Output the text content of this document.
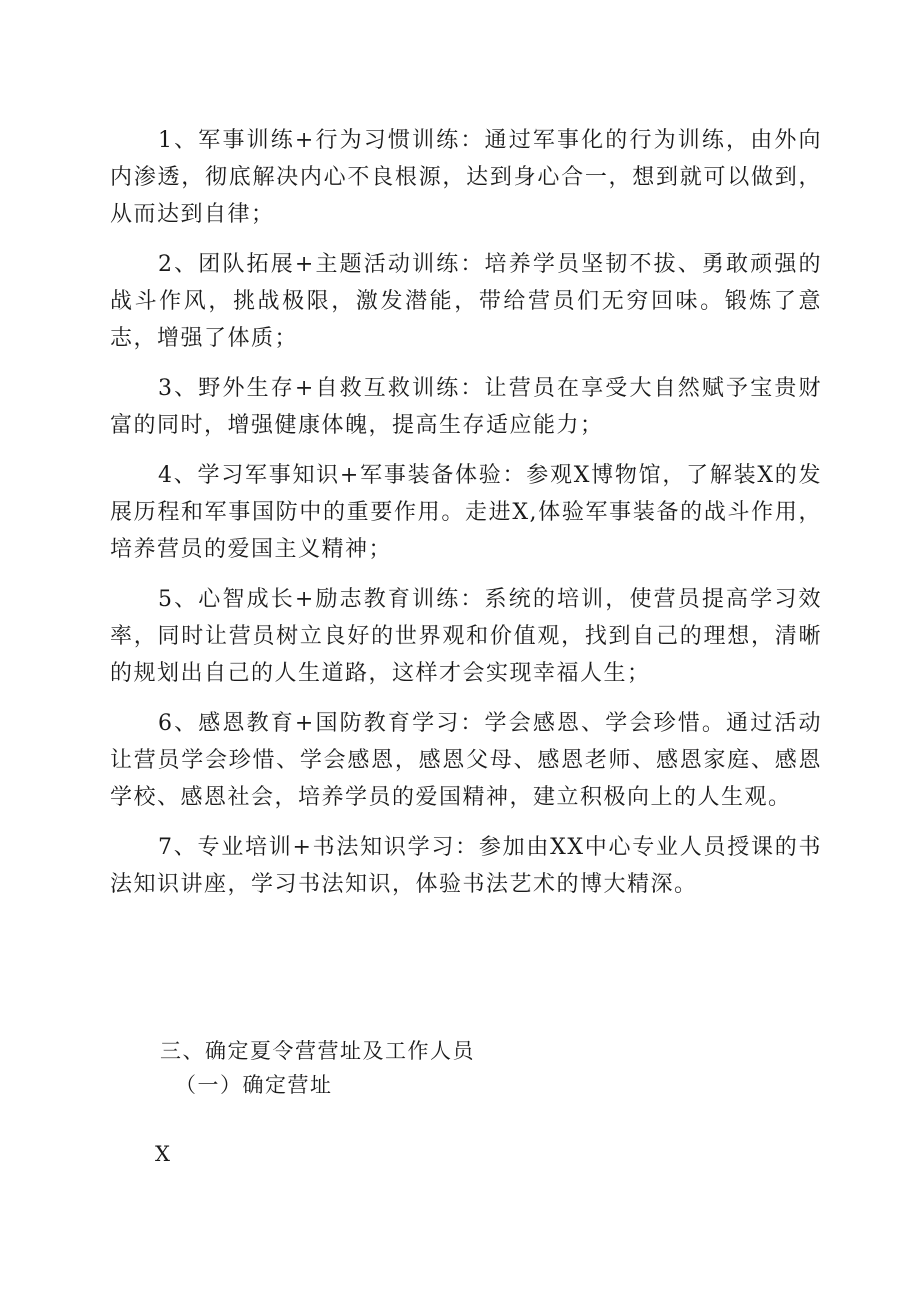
1、军事训练+行为习惯训练：通过军事化的行为训练，由外向内渗透，彻底解决内心不良根源，达到身心合一，想到就可以做到，从而达到自律；

2、团队拓展+主题活动训练：培养学员坚韧不拔、勇敢顽强的战斗作风，挑战极限，激发潜能，带给营员们无穷回味。锻炼了意志，增强了体质；

3、野外生存+自救互救训练：让营员在享受大自然赋予宝贵财富的同时，增强健康体魄，提高生存适应能力；

4、学习军事知识+军事装备体验：参观X博物馆，了解装X的发展历程和军事国防中的重要作用。走进X,体验军事装备的战斗作用，培养营员的爱国主义精神；

5、心智成长+励志教育训练：系统的培训，使营员提高学习效率，同时让营员树立良好的世界观和价值观，找到自己的理想，清晰的规划出自己的人生道路，这样才会实现幸福人生；

6、感恩教育+国防教育学习：学会感恩、学会珍惜。通过活动让营员学会珍惜、学会感恩，感恩父母、感恩老师、感恩家庭、感恩学校、感恩社会，培养学员的爱国精神，建立积极向上的人生观。

7、专业培训+书法知识学习：参加由XX中心专业人员授课的书法知识讲座，学习书法知识，体验书法艺术的博大精深。

三、确定夏令营营址及工作人员

（一）确定营址

X
